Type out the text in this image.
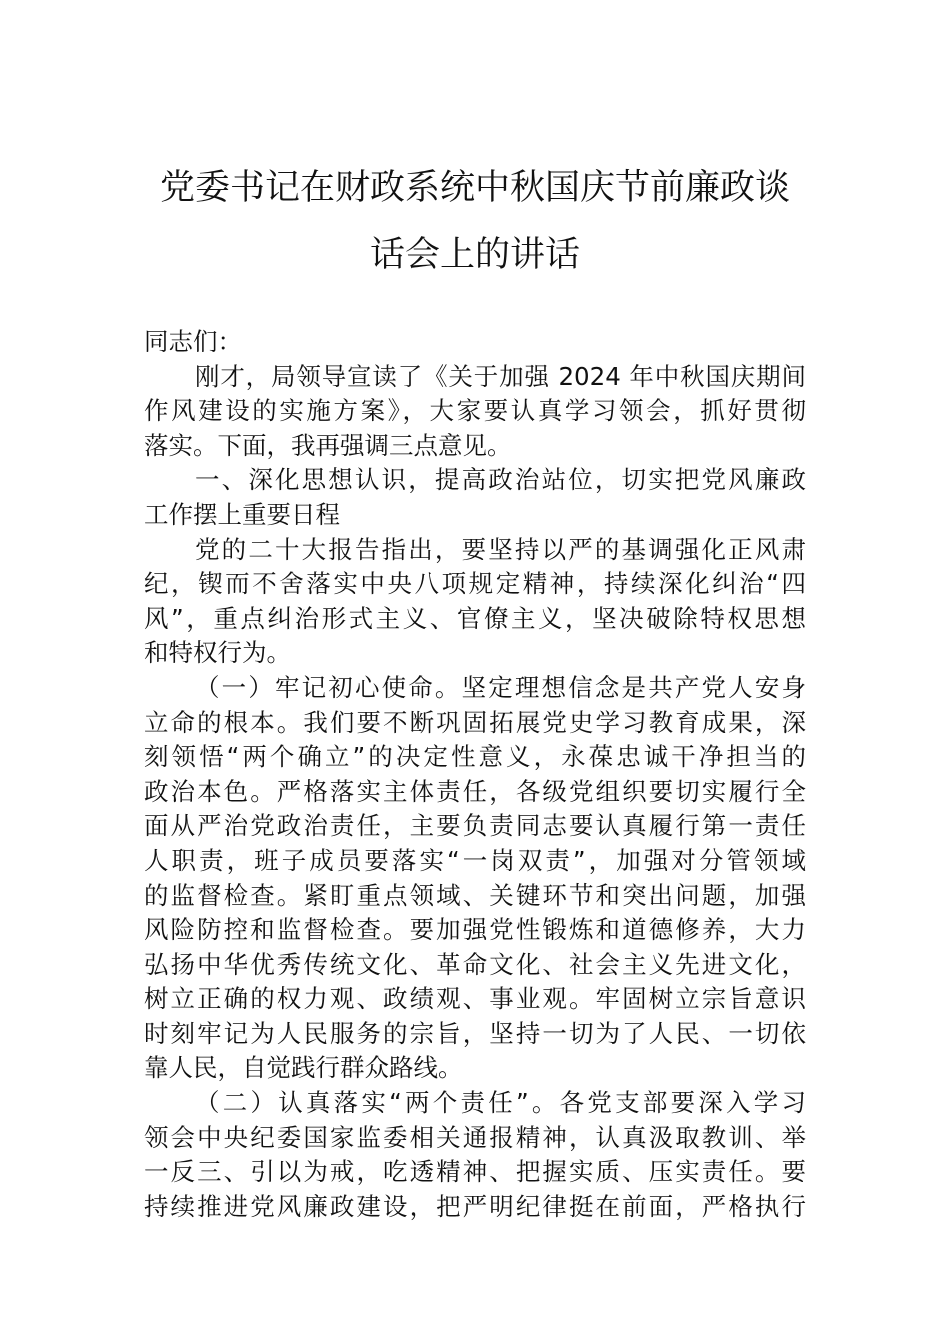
党委书记在财政系统中秋国庆节前廉政谈
话会上的讲话
同志们：
刚才，局领导宣读了《关于加强 2024 年中秋国庆期间
作风建设的实施方案》，大家要认真学习领会，抓好贯彻
落实。下面，我再强调三点意见。
一、深化思想认识，提高政治站位，切实把党风廉政
工作摆上重要日程
党的二十大报告指出，要坚持以严的基调强化正风肃
纪，锲而不舍落实中央八项规定精神，持续深化纠治“四
风”，重点纠治形式主义、官僚主义，坚决破除特权思想
和特权行为。
（一）牢记初心使命。坚定理想信念是共产党人安身
立命的根本。我们要不断巩固拓展党史学习教育成果，深
刻领悟“两个确立”的决定性意义，永葆忠诚干净担当的
政治本色。严格落实主体责任，各级党组织要切实履行全
面从严治党政治责任，主要负责同志要认真履行第一责任
人职责，班子成员要落实“一岗双责”，加强对分管领域
的监督检查。紧盯重点领域、关键环节和突出问题，加强
风险防控和监督检查。要加强党性锻炼和道德修养，大力
弘扬中华优秀传统文化、革命文化、社会主义先进文化，
树立正确的权力观、政绩观、事业观。牢固树立宗旨意识
时刻牢记为人民服务的宗旨，坚持一切为了人民、一切依
靠人民，自觉践行群众路线。
（二）认真落实“两个责任”。各党支部要深入学习
领会中央纪委国家监委相关通报精神，认真汲取教训、举
一反三、引以为戒，吃透精神、把握实质、压实责任。要
持续推进党风廉政建设，把严明纪律挺在前面，严格执行
